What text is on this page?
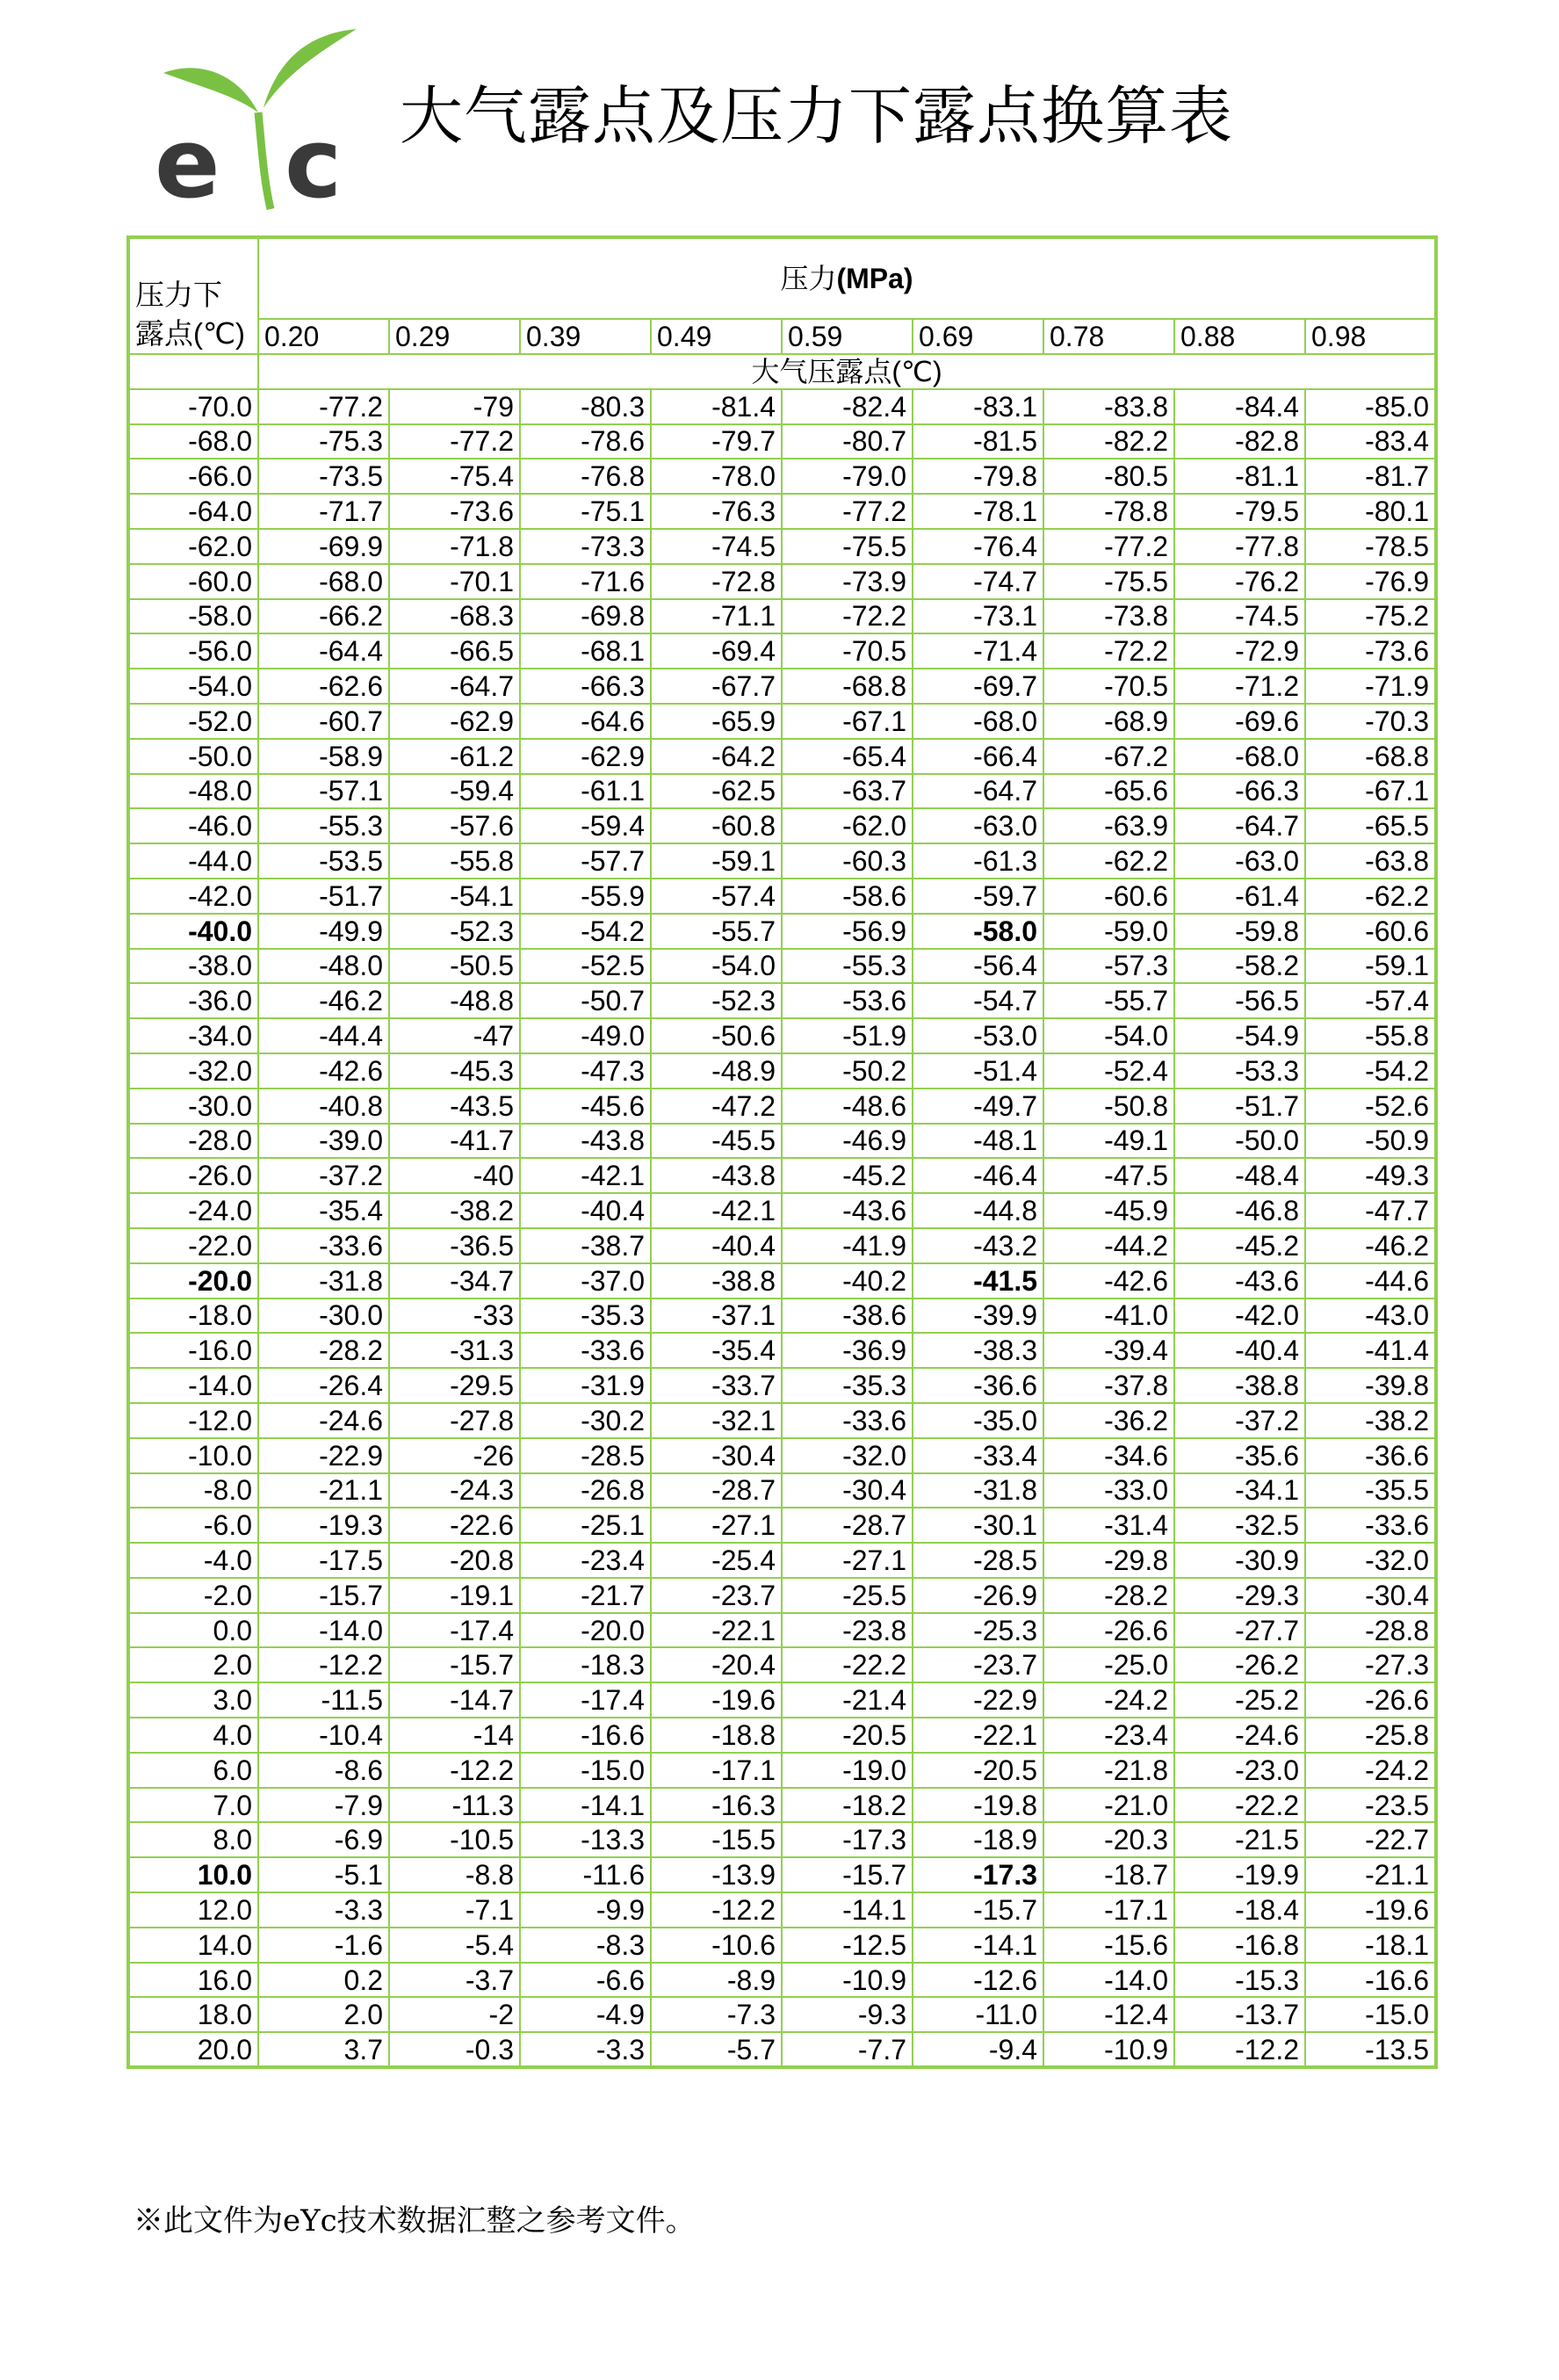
e c 大气露点及压力下露点换算表
压力下
露点(℃)	压力(MPa)								
	0.20	0.29	0.39	0.49	0.59	0.69	0.78	0.88	0.98
	大气压露点(℃)								
-70.0	-77.2	-79	-80.3	-81.4	-82.4	-83.1	-83.8	-84.4	-85.0
-68.0	-75.3	-77.2	-78.6	-79.7	-80.7	-81.5	-82.2	-82.8	-83.4
-66.0	-73.5	-75.4	-76.8	-78.0	-79.0	-79.8	-80.5	-81.1	-81.7
-64.0	-71.7	-73.6	-75.1	-76.3	-77.2	-78.1	-78.8	-79.5	-80.1
-62.0	-69.9	-71.8	-73.3	-74.5	-75.5	-76.4	-77.2	-77.8	-78.5
-60.0	-68.0	-70.1	-71.6	-72.8	-73.9	-74.7	-75.5	-76.2	-76.9
-58.0	-66.2	-68.3	-69.8	-71.1	-72.2	-73.1	-73.8	-74.5	-75.2
-56.0	-64.4	-66.5	-68.1	-69.4	-70.5	-71.4	-72.2	-72.9	-73.6
-54.0	-62.6	-64.7	-66.3	-67.7	-68.8	-69.7	-70.5	-71.2	-71.9
-52.0	-60.7	-62.9	-64.6	-65.9	-67.1	-68.0	-68.9	-69.6	-70.3
-50.0	-58.9	-61.2	-62.9	-64.2	-65.4	-66.4	-67.2	-68.0	-68.8
-48.0	-57.1	-59.4	-61.1	-62.5	-63.7	-64.7	-65.6	-66.3	-67.1
-46.0	-55.3	-57.6	-59.4	-60.8	-62.0	-63.0	-63.9	-64.7	-65.5
-44.0	-53.5	-55.8	-57.7	-59.1	-60.3	-61.3	-62.2	-63.0	-63.8
-42.0	-51.7	-54.1	-55.9	-57.4	-58.6	-59.7	-60.6	-61.4	-62.2
-40.0	-49.9	-52.3	-54.2	-55.7	-56.9	-58.0	-59.0	-59.8	-60.6
-38.0	-48.0	-50.5	-52.5	-54.0	-55.3	-56.4	-57.3	-58.2	-59.1
-36.0	-46.2	-48.8	-50.7	-52.3	-53.6	-54.7	-55.7	-56.5	-57.4
-34.0	-44.4	-47	-49.0	-50.6	-51.9	-53.0	-54.0	-54.9	-55.8
-32.0	-42.6	-45.3	-47.3	-48.9	-50.2	-51.4	-52.4	-53.3	-54.2
-30.0	-40.8	-43.5	-45.6	-47.2	-48.6	-49.7	-50.8	-51.7	-52.6
-28.0	-39.0	-41.7	-43.8	-45.5	-46.9	-48.1	-49.1	-50.0	-50.9
-26.0	-37.2	-40	-42.1	-43.8	-45.2	-46.4	-47.5	-48.4	-49.3
-24.0	-35.4	-38.2	-40.4	-42.1	-43.6	-44.8	-45.9	-46.8	-47.7
-22.0	-33.6	-36.5	-38.7	-40.4	-41.9	-43.2	-44.2	-45.2	-46.2
-20.0	-31.8	-34.7	-37.0	-38.8	-40.2	-41.5	-42.6	-43.6	-44.6
-18.0	-30.0	-33	-35.3	-37.1	-38.6	-39.9	-41.0	-42.0	-43.0
-16.0	-28.2	-31.3	-33.6	-35.4	-36.9	-38.3	-39.4	-40.4	-41.4
-14.0	-26.4	-29.5	-31.9	-33.7	-35.3	-36.6	-37.8	-38.8	-39.8
-12.0	-24.6	-27.8	-30.2	-32.1	-33.6	-35.0	-36.2	-37.2	-38.2
-10.0	-22.9	-26	-28.5	-30.4	-32.0	-33.4	-34.6	-35.6	-36.6
-8.0	-21.1	-24.3	-26.8	-28.7	-30.4	-31.8	-33.0	-34.1	-35.5
-6.0	-19.3	-22.6	-25.1	-27.1	-28.7	-30.1	-31.4	-32.5	-33.6
-4.0	-17.5	-20.8	-23.4	-25.4	-27.1	-28.5	-29.8	-30.9	-32.0
-2.0	-15.7	-19.1	-21.7	-23.7	-25.5	-26.9	-28.2	-29.3	-30.4
0.0	-14.0	-17.4	-20.0	-22.1	-23.8	-25.3	-26.6	-27.7	-28.8
2.0	-12.2	-15.7	-18.3	-20.4	-22.2	-23.7	-25.0	-26.2	-27.3
3.0	-11.5	-14.7	-17.4	-19.6	-21.4	-22.9	-24.2	-25.2	-26.6
4.0	-10.4	-14	-16.6	-18.8	-20.5	-22.1	-23.4	-24.6	-25.8
6.0	-8.6	-12.2	-15.0	-17.1	-19.0	-20.5	-21.8	-23.0	-24.2
7.0	-7.9	-11.3	-14.1	-16.3	-18.2	-19.8	-21.0	-22.2	-23.5
8.0	-6.9	-10.5	-13.3	-15.5	-17.3	-18.9	-20.3	-21.5	-22.7
10.0	-5.1	-8.8	-11.6	-13.9	-15.7	-17.3	-18.7	-19.9	-21.1
12.0	-3.3	-7.1	-9.9	-12.2	-14.1	-15.7	-17.1	-18.4	-19.6
14.0	-1.6	-5.4	-8.3	-10.6	-12.5	-14.1	-15.6	-16.8	-18.1
16.0	0.2	-3.7	-6.6	-8.9	-10.9	-12.6	-14.0	-15.3	-16.6
18.0	2.0	-2	-4.9	-7.3	-9.3	-11.0	-12.4	-13.7	-15.0
20.0	3.7	-0.3	-3.3	-5.7	-7.7	-9.4	-10.9	-12.2	-13.5
※此文件为eYc技术数据汇整之参考文件。
